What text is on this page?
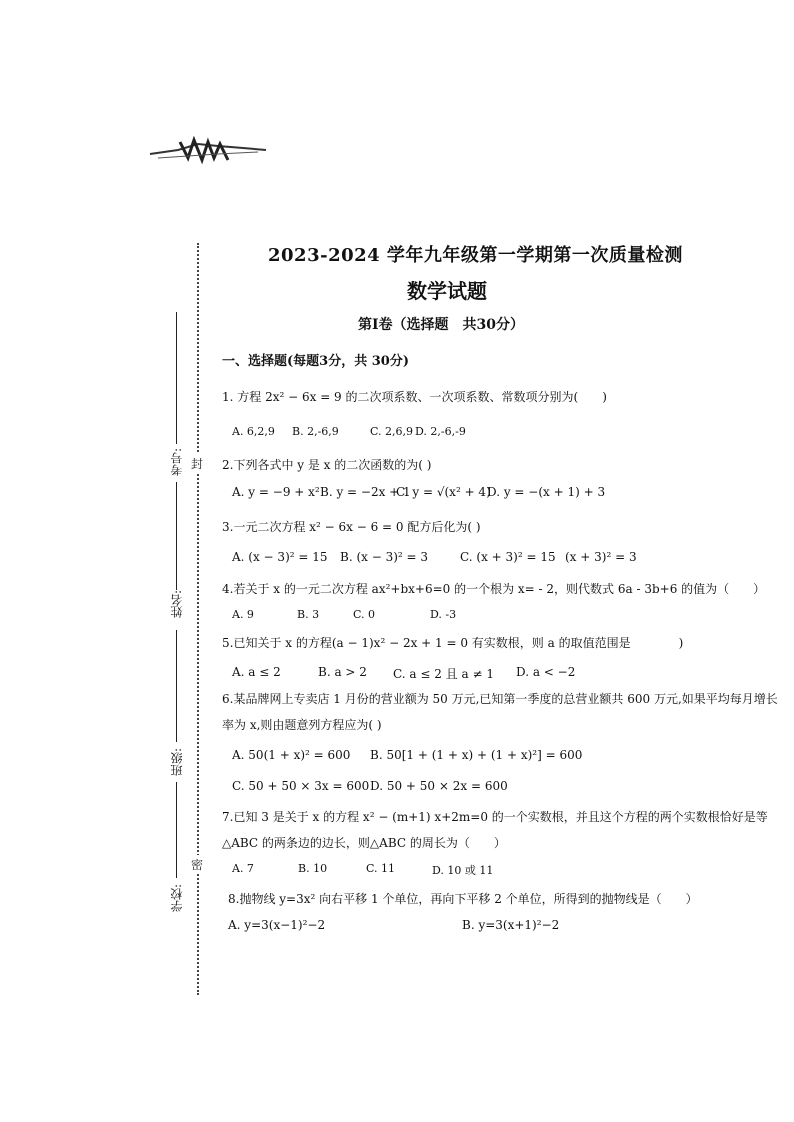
考号:
姓名:
班级:
学校:
封
密
2023-2024 学年九年级第一学期第一次质量检测
数学试题
第Ⅰ卷（选择题　共30分）
一、选择题(每题3分，共 30分)
1. 方程 2x² − 6x = 9 的二次项系数、一次项系数、常数项分别为(　　)
A. 6,2,9 B. 2,-6,9	C. 2,6,9 D. 2,-6,-9
2.下列各式中 y 是 x 的二次函数的为( )
A. y = −9 + x² B. y = −2x + 1
C. y = √(x² + 4)
D. y = −(x + 1) + 3
3.一元二次方程 x² − 6x − 6 = 0 配方后化为( )
A. (x − 3)² = 15 B. (x − 3)² = 3	C. (x + 3)² = 15 (x + 3)² = 3
4.若关于 x 的一元二次方程 ax²+bx+6=0 的一个根为 x= - 2，则代数式 6a - 3b+6 的值为（　　）
A. 9	B. 3	C. 0	D. -3
5.已知关于 x 的方程(a − 1)x² − 2x + 1 = 0 有实数根，则 a 的取值范围是　　　　)
A. a ≤ 2	B. a > 2 C. a ≤ 2 且 a ≠ 1 D. a < −2
6.某品牌网上专卖店 1 月份的营业额为 50 万元,已知第一季度的总营业额共 600 万元,如果平均每月增长
率为 x,则由题意列方程应为( )
A. 50(1 + x)² = 600 B. 50[1 + (1 + x) + (1 + x)²] = 600
C. 50 + 50 × 3x = 600 D. 50 + 50 × 2x = 600
7.已知 3 是关于 x 的方程 x² − (m+1) x+2m=0 的一个实数根，并且这个方程的两个实数根恰好是等
△ABC 的两条边的边长，则△ABC 的周长为（　　）
A. 7	B. 10	C. 11	D. 10 或 11
8.抛物线 y=3x² 向右平移 1 个单位，再向下平移 2 个单位，所得到的抛物线是（　　）
A. y=3(x−1)²−2	B. y=3(x+1)²−2
